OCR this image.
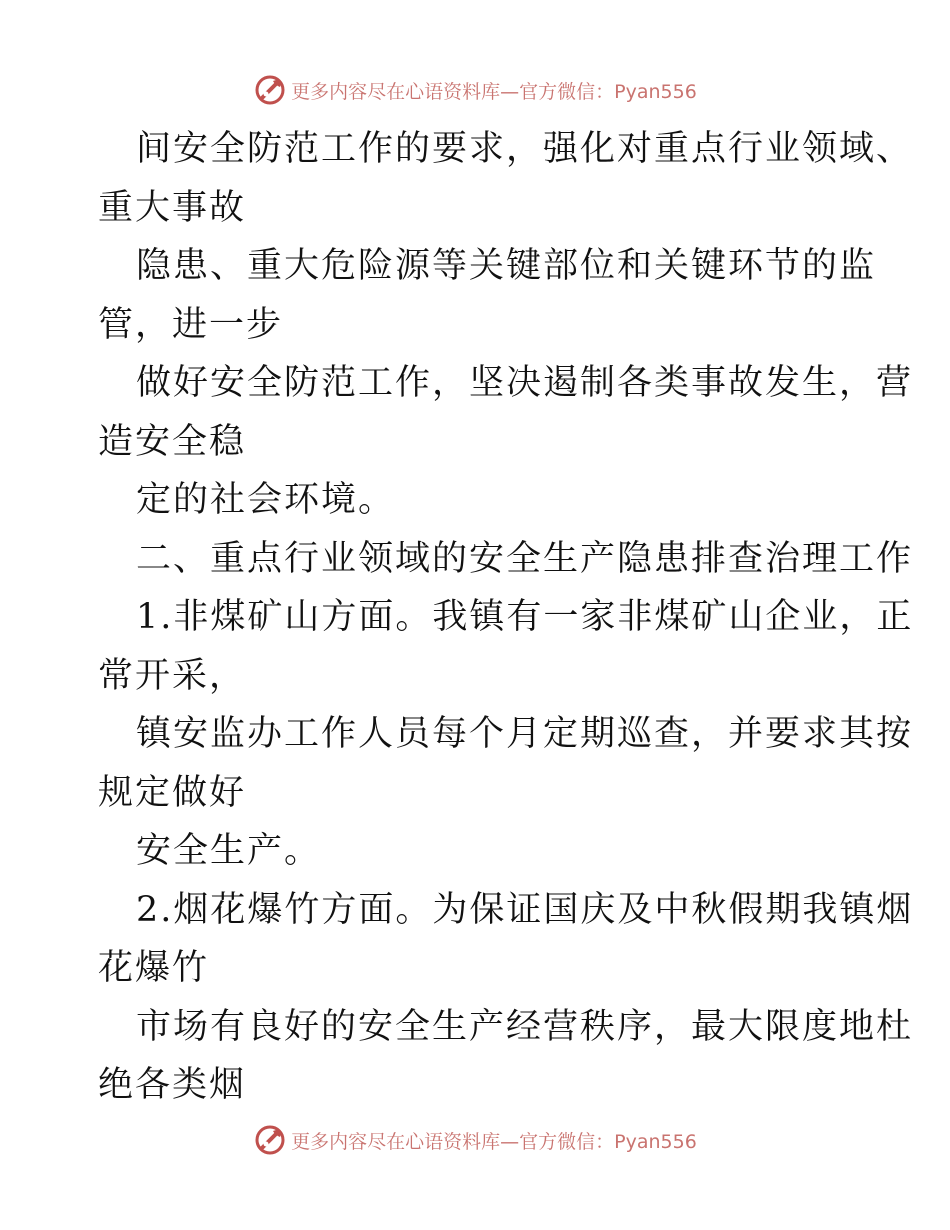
更多内容尽在心语资料库—官方微信：Pyan556
间安全防范工作的要求，强化对重点行业领域、
重大事故
隐患、重大危险源等关键部位和关键环节的监
管，进一步
做好安全防范工作，坚决遏制各类事故发生，营
造安全稳
定的社会环境。
二、重点行业领域的安全生产隐患排查治理工作
1.非煤矿山方面。我镇有一家非煤矿山企业，正
常开采，
镇安监办工作人员每个月定期巡查，并要求其按
规定做好
安全生产。
2.烟花爆竹方面。为保证国庆及中秋假期我镇烟
花爆竹
市场有良好的安全生产经营秩序，最大限度地杜
绝各类烟
更多内容尽在心语资料库—官方微信：Pyan556
